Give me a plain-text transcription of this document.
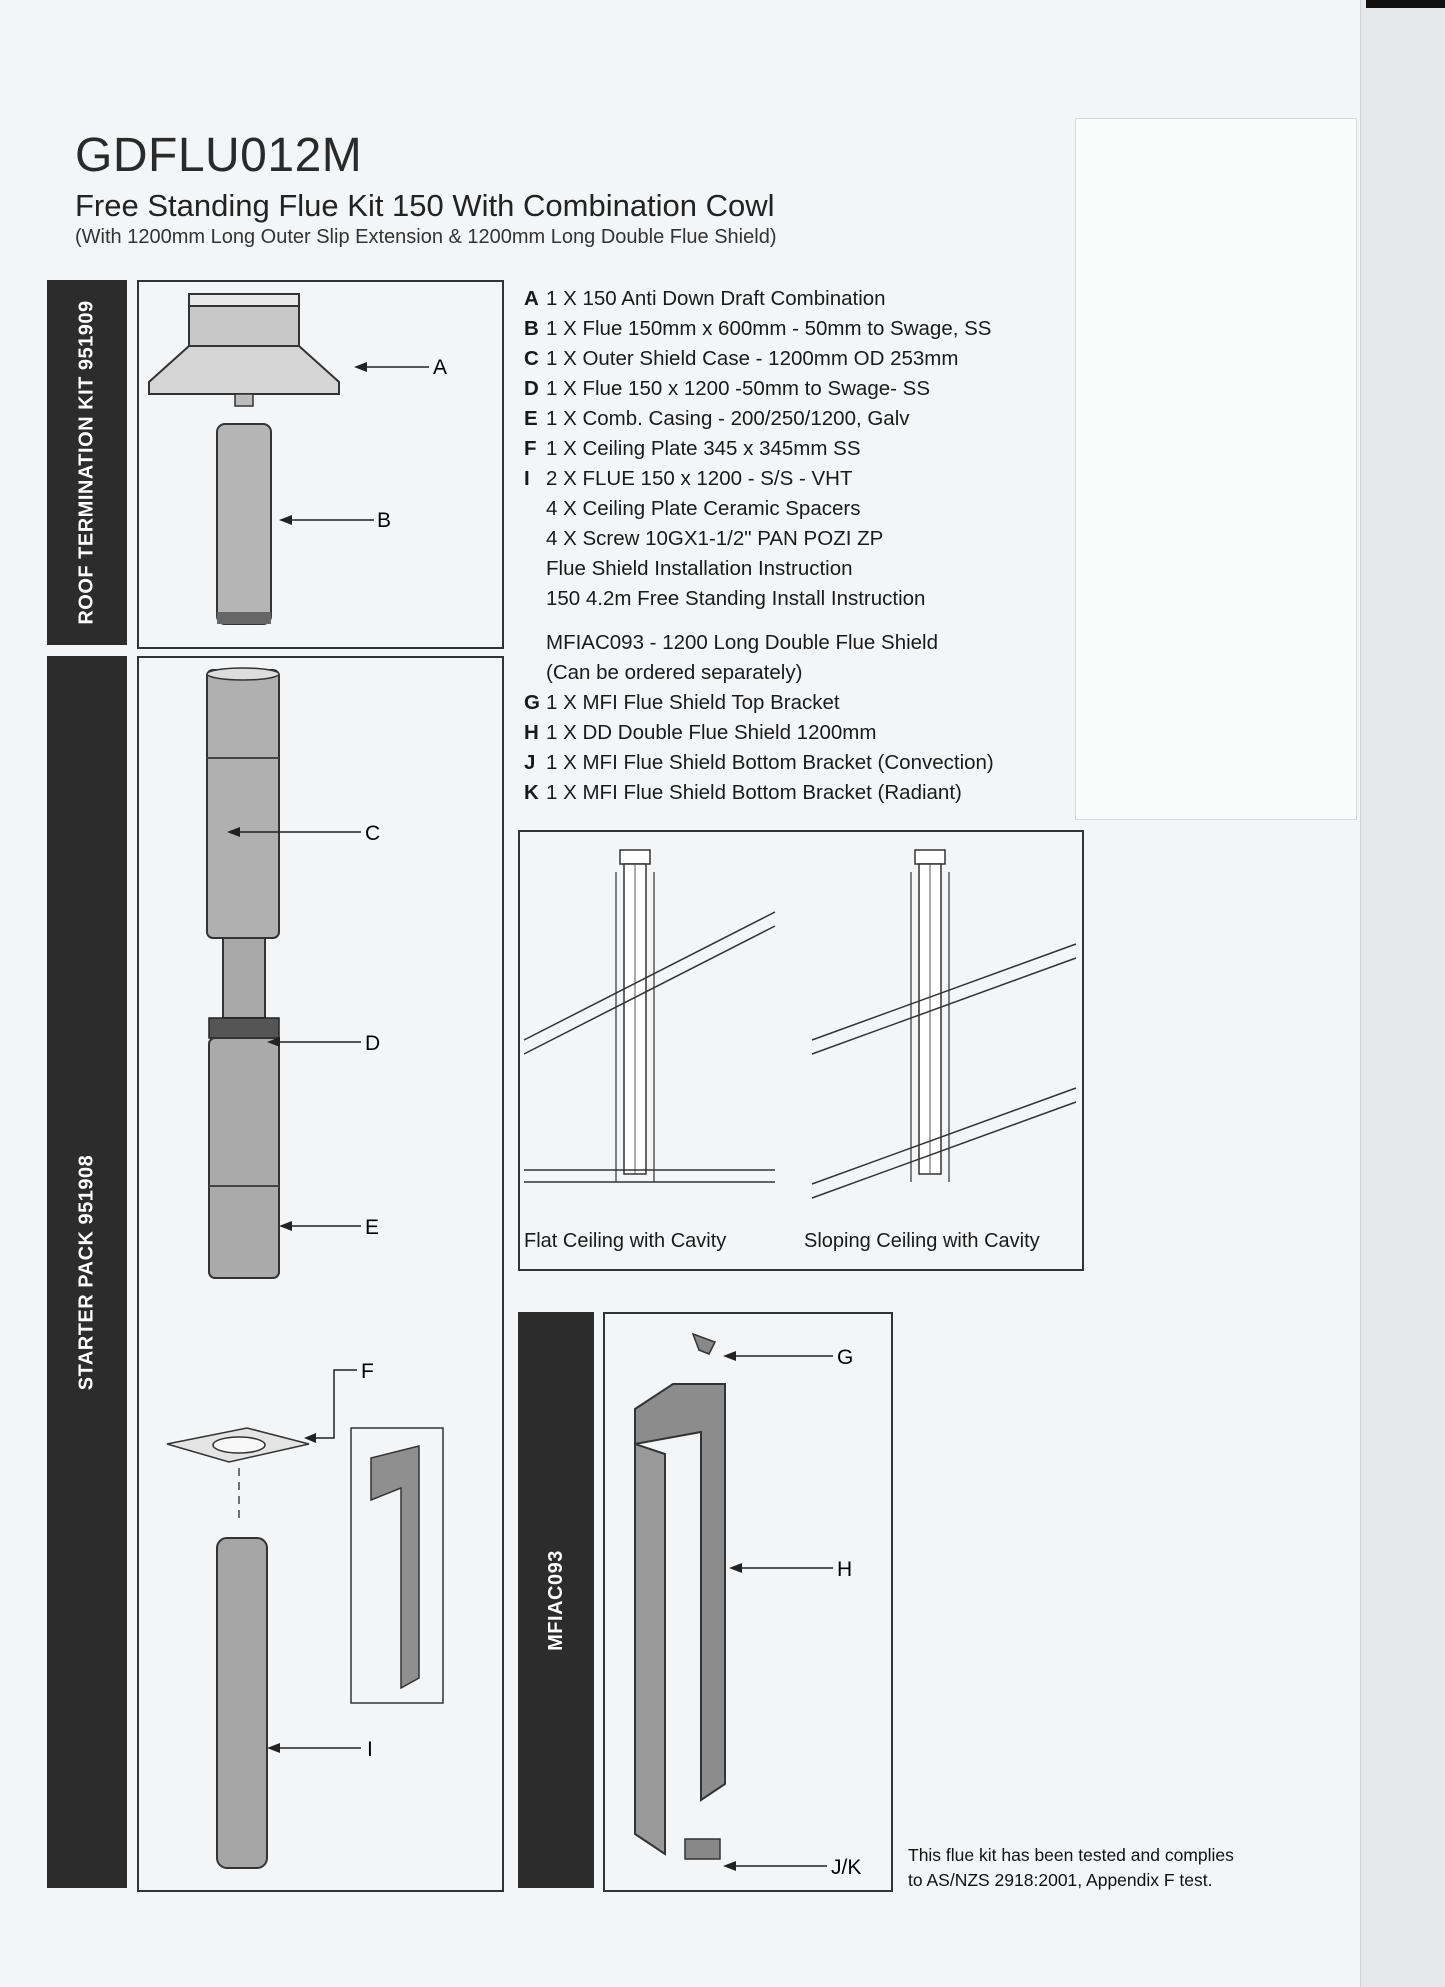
GDFLU012M
Free Standing Flue Kit 150 With Combination Cowl
(With 1200mm Long Outer Slip Extension & 1200mm Long Double Flue Shield)
ROOF TERMINATION KIT 951909	A
B
A 1 X 150 Anti Down Draft Combination
B 1 X Flue 150mm x 600mm - 50mm to Swage, SS
C 1 X Outer Shield Case - 1200mm OD 253mm
D 1 X Flue 150 x 1200 -50mm to Swage- SS
E 1 X Comb. Casing - 200/250/1200, Galv
F 1 X Ceiling Plate 345 x 345mm SS
I 2 X FLUE 150 x 1200 - S/S - VHT
4 X Ceiling Plate Ceramic Spacers
4 X Screw 10GX1-1/2" PAN POZI ZP
Flue Shield Installation Instruction
150 4.2m Free Standing Install Instruction
MFIAC093 - 1200 Long Double Flue Shield
(Can be ordered separately)
G 1 X MFI Flue Shield Top Bracket
H 1 X DD Double Flue Shield 1200mm
J 1 X MFI Flue Shield Bottom Bracket (Convection)
K 1 X MFI Flue Shield Bottom Bracket (Radiant)
STARTER PACK 951908
C
D
E
F
I
Flat Ceiling with Cavity	Sloping Ceiling with Cavity
MFIAC093
G
H
J/K
This flue kit has been tested and complies
to AS/NZS 2918:2001, Appendix F test.
